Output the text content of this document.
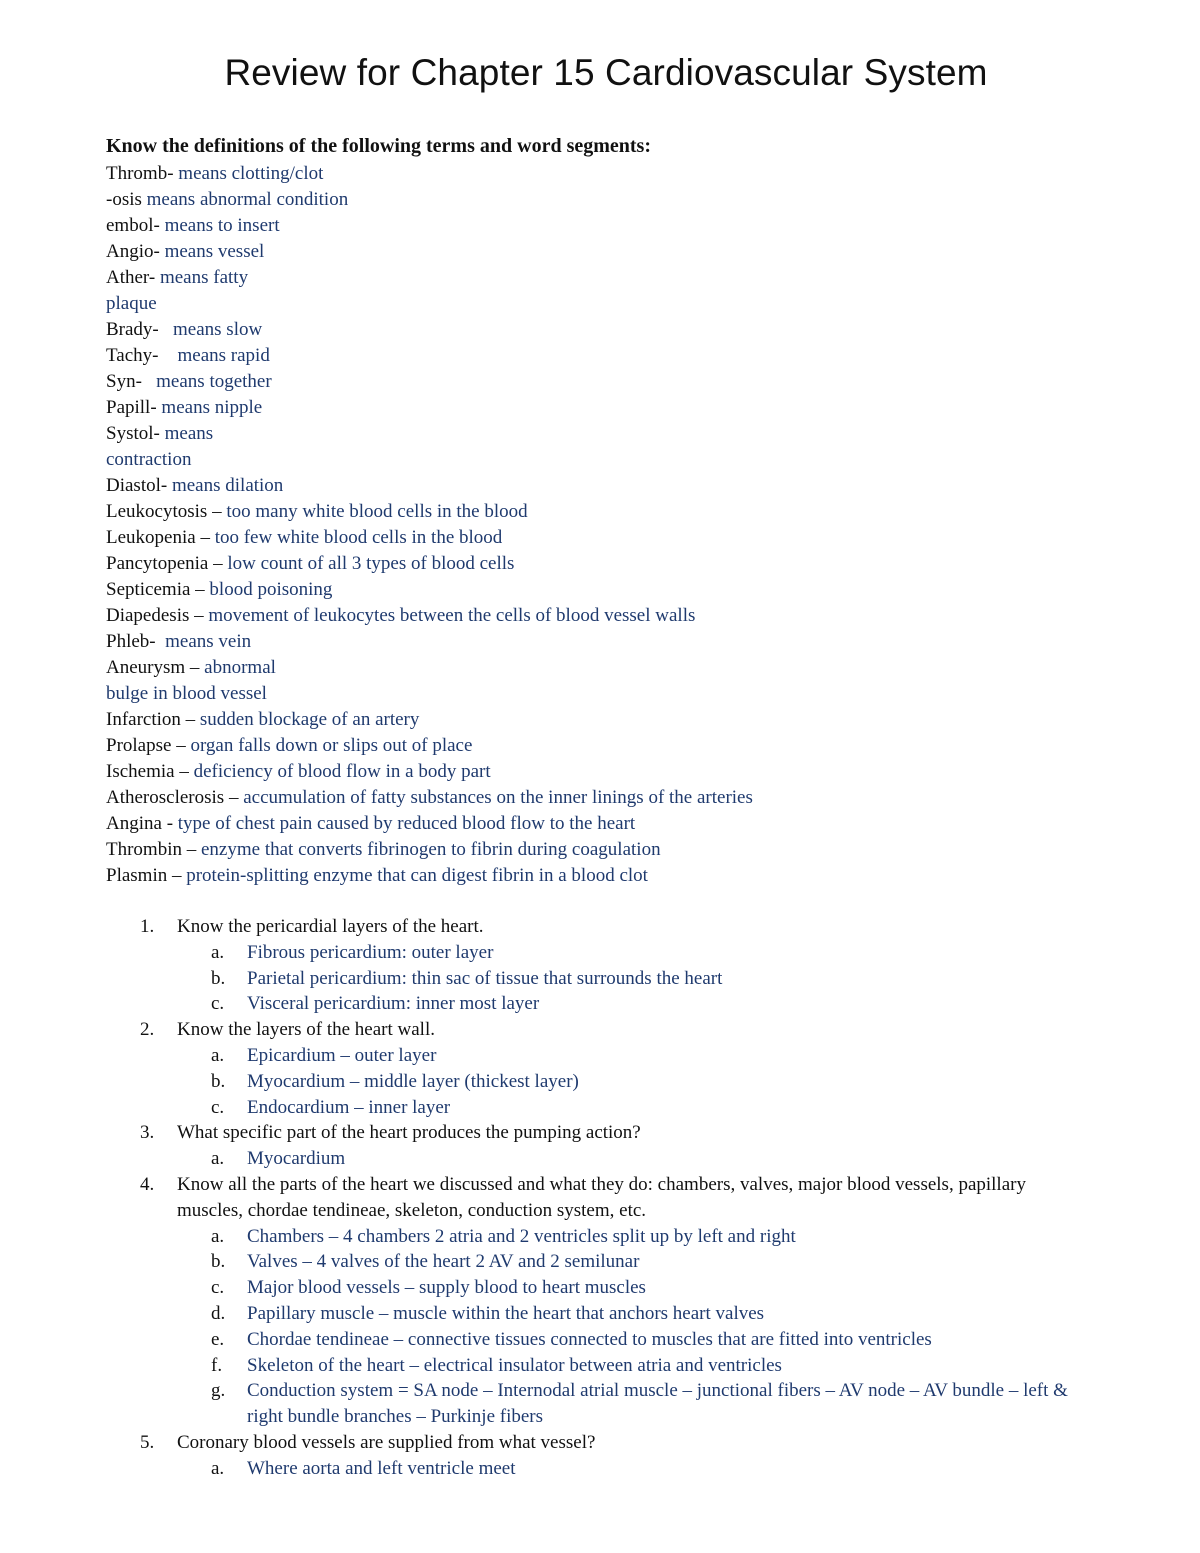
Review for Chapter 15 Cardiovascular System
Know the definitions of the following terms and word segments:
Thromb- means clotting/clot
-osis means abnormal condition
embol- means to insert
Angio- means vessel
Ather- means fatty
plaque
Brady- means slow
Tachy- means rapid
Syn- means together
Papill- means nipple
Systol- means
contraction
Diastol- means dilation
Leukocytosis – too many white blood cells in the blood
Leukopenia – too few white blood cells in the blood
Pancytopenia – low count of all 3 types of blood cells
Septicemia – blood poisoning
Diapedesis – movement of leukocytes between the cells of blood vessel walls
Phleb- means vein
Aneurysm – abnormal
bulge in blood vessel
Infarction – sudden blockage of an artery
Prolapse – organ falls down or slips out of place
Ischemia – deficiency of blood flow in a body part
Atherosclerosis – accumulation of fatty substances on the inner linings of the arteries
Angina - type of chest pain caused by reduced blood flow to the heart
Thrombin – enzyme that converts fibrinogen to fibrin during coagulation
Plasmin – protein-splitting enzyme that can digest fibrin in a blood clot
1. Know the pericardial layers of the heart.
a. Fibrous pericardium: outer layer
b. Parietal pericardium: thin sac of tissue that surrounds the heart
c. Visceral pericardium: inner most layer
2. Know the layers of the heart wall.
a. Epicardium – outer layer
b. Myocardium – middle layer (thickest layer)
c. Endocardium – inner layer
3. What specific part of the heart produces the pumping action?
a. Myocardium
4. Know all the parts of the heart we discussed and what they do: chambers, valves, major blood vessels, papillary muscles, chordae tendineae, skeleton, conduction system, etc.
a. Chambers – 4 chambers 2 atria and 2 ventricles split up by left and right
b. Valves – 4 valves of the heart 2 AV and 2 semilunar
c. Major blood vessels – supply blood to heart muscles
d. Papillary muscle – muscle within the heart that anchors heart valves
e. Chordae tendineae – connective tissues connected to muscles that are fitted into ventricles
f. Skeleton of the heart – electrical insulator between atria and ventricles
g. Conduction system = SA node – Internodal atrial muscle – junctional fibers – AV node – AV bundle – left & right bundle branches – Purkinje fibers
5. Coronary blood vessels are supplied from what vessel?
a. Where aorta and left ventricle meet
